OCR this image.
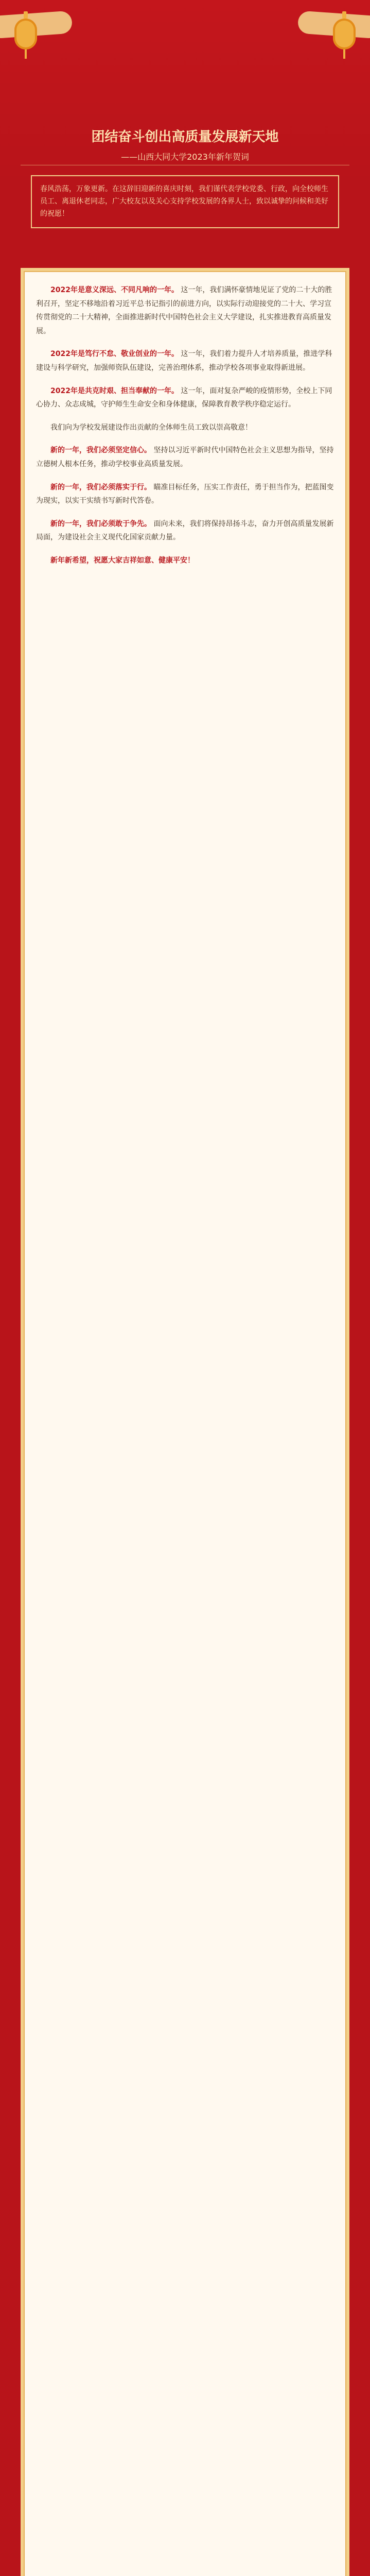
团结奋斗创出高质量发展新天地
——山西大同大学2023年新年贺词
春风浩荡，万象更新。在这辞旧迎新的喜庆时刻，我们谨代表学校党委、行政，向全校师生员工、离退休老同志，广大校友以及关心支持学校发展的各界人士，致以诚挚的问候和美好的祝愿！

2022年是意义深远、不同凡响的一年。 这一年，我们满怀豪情地见证了党的二十大的胜利召开，坚定不移地沿着习近平总书记指引的前进方向，以实际行动迎接党的二十大、学习宣传贯彻党的二十大精神，全面推进新时代中国特色社会主义大学建设，扎实推进教育高质量发展。

2022年是笃行不怠、敬业创业的一年。 这一年，我们着力提升人才培养质量，推进学科建设与科学研究，加强师资队伍建设，完善治理体系，推动学校各项事业取得新进展。

2022年是共克时艰、担当奉献的一年。 这一年，面对复杂严峻的疫情形势，全校上下同心协力、众志成城，守护师生生命安全和身体健康，保障教育教学秩序稳定运行。

我们向为学校发展建设作出贡献的全体师生员工致以崇高敬意！

新的一年，我们必须坚定信心。 坚持以习近平新时代中国特色社会主义思想为指导，坚持立德树人根本任务，推动学校事业高质量发展。

新的一年，我们必须落实于行。 瞄准目标任务，压实工作责任，勇于担当作为，把蓝图变为现实，以实干实绩书写新时代答卷。

新的一年，我们必须敢于争先。 面向未来，我们将保持昂扬斗志，奋力开创高质量发展新局面，为建设社会主义现代化国家贡献力量。

新年新希望，祝愿大家吉祥如意、健康平安！
